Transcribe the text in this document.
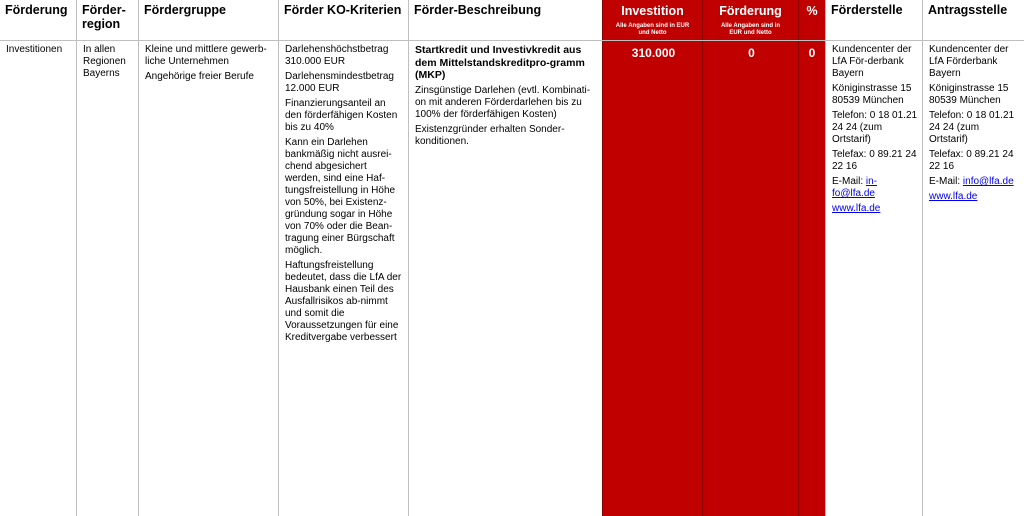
Förderung

Investitionen

Förder-
region

In allen Regionen Bayerns

Fördergruppe

Kleine und mittlere gewerb-liche Unternehmen

Angehörige freier Berufe

Förder KO-Kriterien

Darlehenshöchstbetrag 310.000 EUR

Darlehensmindestbetrag 12.000 EUR

Finanzierungsanteil an den förderfähigen Kosten bis zu 40%

Kann ein Darlehen bankmäßig nicht ausrei-chend abgesichert werden, sind eine Haf-tungsfreistellung in Höhe von 50%, bei Existenz-gründung sogar in Höhe von 70% oder die Bean-tragung einer Bürgschaft möglich.

Haftungsfreistellung bedeutet, dass die LfA der Hausbank einen Teil des Ausfallrisikos ab-nimmt und somit die Voraussetzungen für eine Kreditvergabe verbessert

Förder-Beschreibung

Startkredit und Investivkredit aus dem Mittelstandskreditpro-gramm (MKP)

Zinsgünstige Darlehen (evtl. Kombinati-on mit anderen Förderdarlehen bis zu 100% der förderfähigen Kosten)

Existenzgründer erhalten Sonder-konditionen.

Investition
Alle Angaben sind in EUR und Netto

310.000

Förderung
Alle Angaben sind in EUR und Netto

0

%

0

Förderstelle

Kundencenter der LfA För-derbank Bayern

Königinstrasse 15 80539 München

Telefon: 0 18 01.21 24 24 (zum Ortstarif)

Telefax: 0 89.21 24 22 16

E-Mail: in-fo@lfa.de

www.lfa.de

Antragsstelle

Kundencenter der LfA Förderbank Bayern

Königinstrasse 15 80539 München

Telefon: 0 18 01.21 24 24 (zum Ortstarif)

Telefax: 0 89.21 24 22 16

E-Mail: info@lfa.de

www.lfa.de
